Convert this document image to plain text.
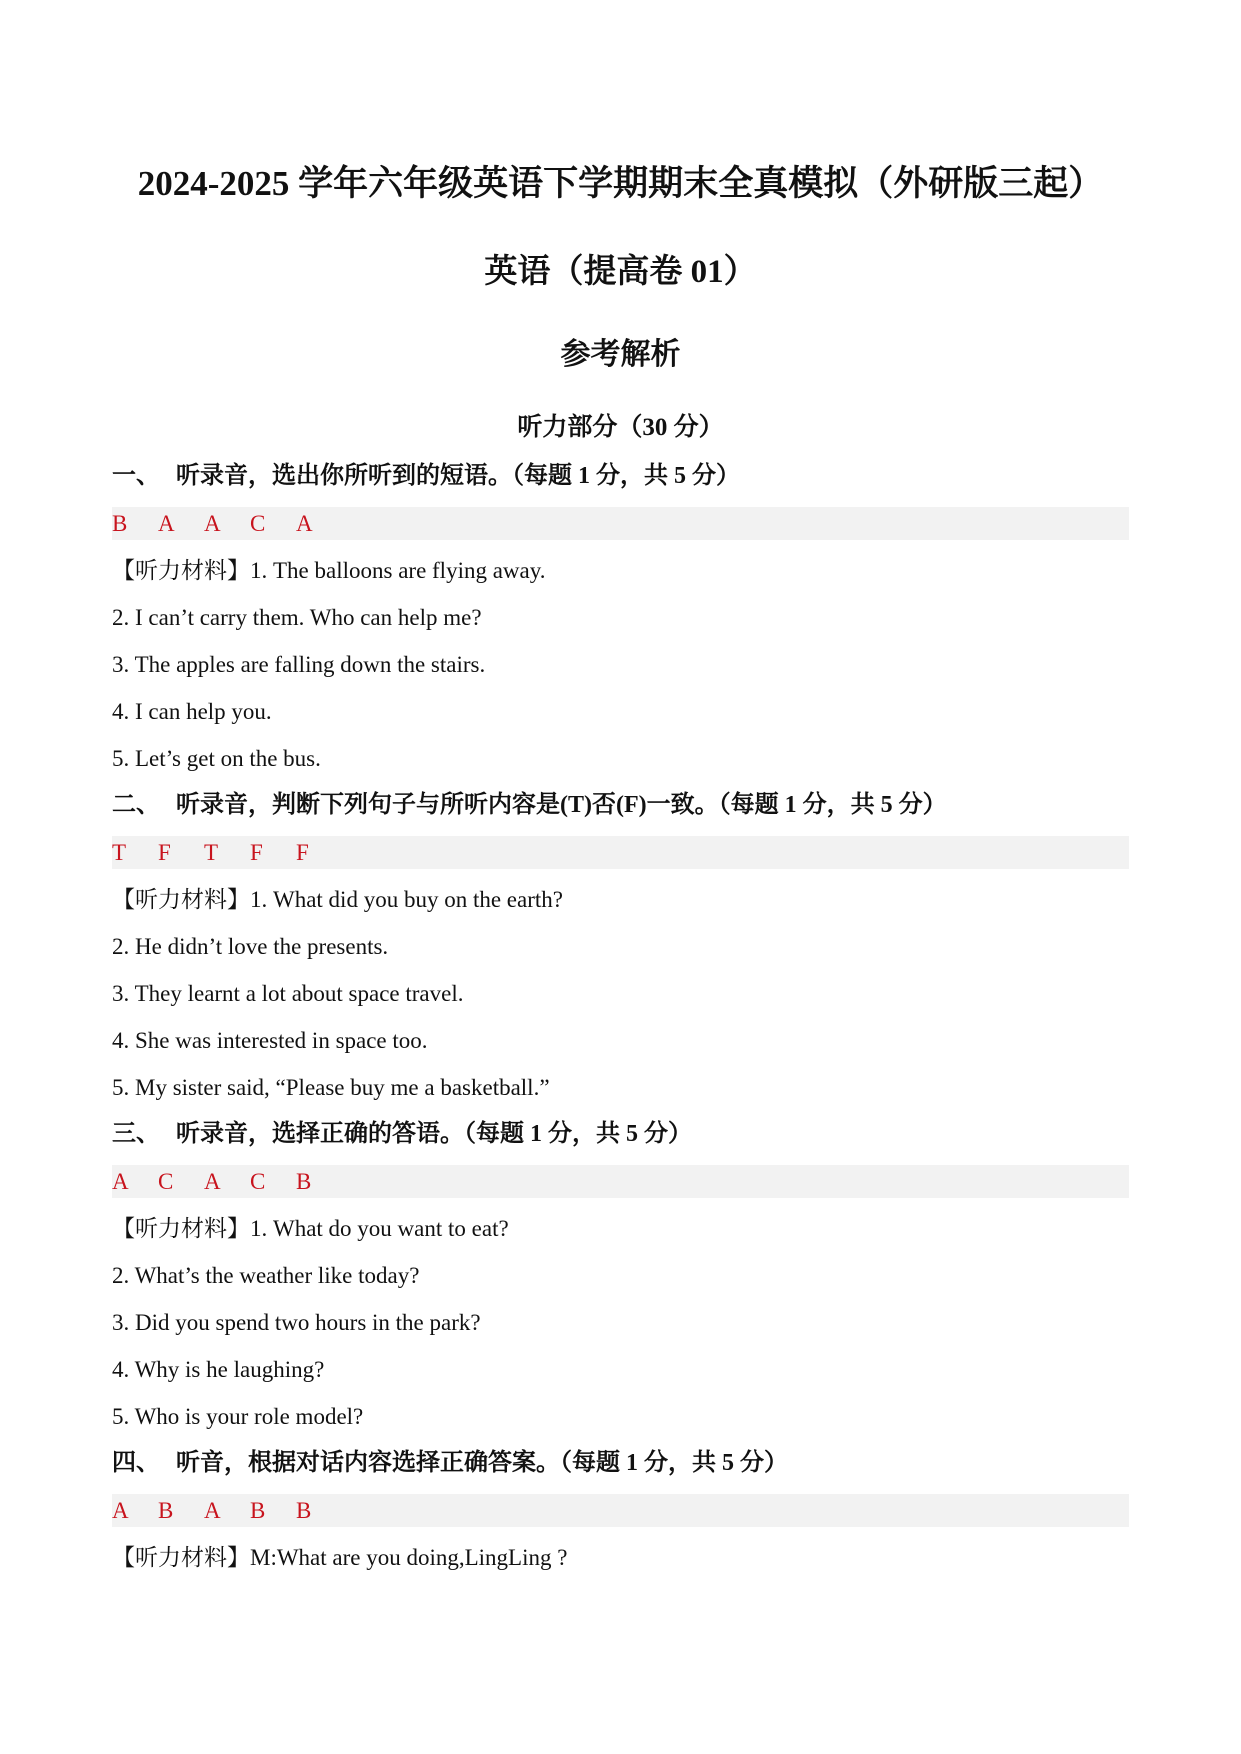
2024-2025 学年六年级英语下学期期末全真模拟（外研版三起）
英语（提高卷 01）
参考解析
听力部分（30 分）
一、 听录音，选出你所听到的短语。（每题 1 分，共 5 分）
B A A C A
【听力材料】1. The balloons are flying away.
2. I can’t carry them. Who can help me?
3. The apples are falling down the stairs.
4. I can help you.
5. Let’s get on the bus.
二、 听录音，判断下列句子与所听内容是(T)否(F)一致。（每题 1 分，共 5 分）
T F T F F
【听力材料】1. What did you buy on the earth?
2. He didn’t love the presents.
3. They learnt a lot about space travel.
4. She was interested in space too.
5. My sister said, “Please buy me a basketball.”
三、 听录音，选择正确的答语。（每题 1 分，共 5 分）
A C A C B
【听力材料】1. What do you want to eat?
2. What’s the weather like today?
3. Did you spend two hours in the park?
4. Why is he laughing?
5. Who is your role model?
四、 听音，根据对话内容选择正确答案。（每题 1 分，共 5 分）
A B A B B
【听力材料】M:What are you doing,LingLing ?
